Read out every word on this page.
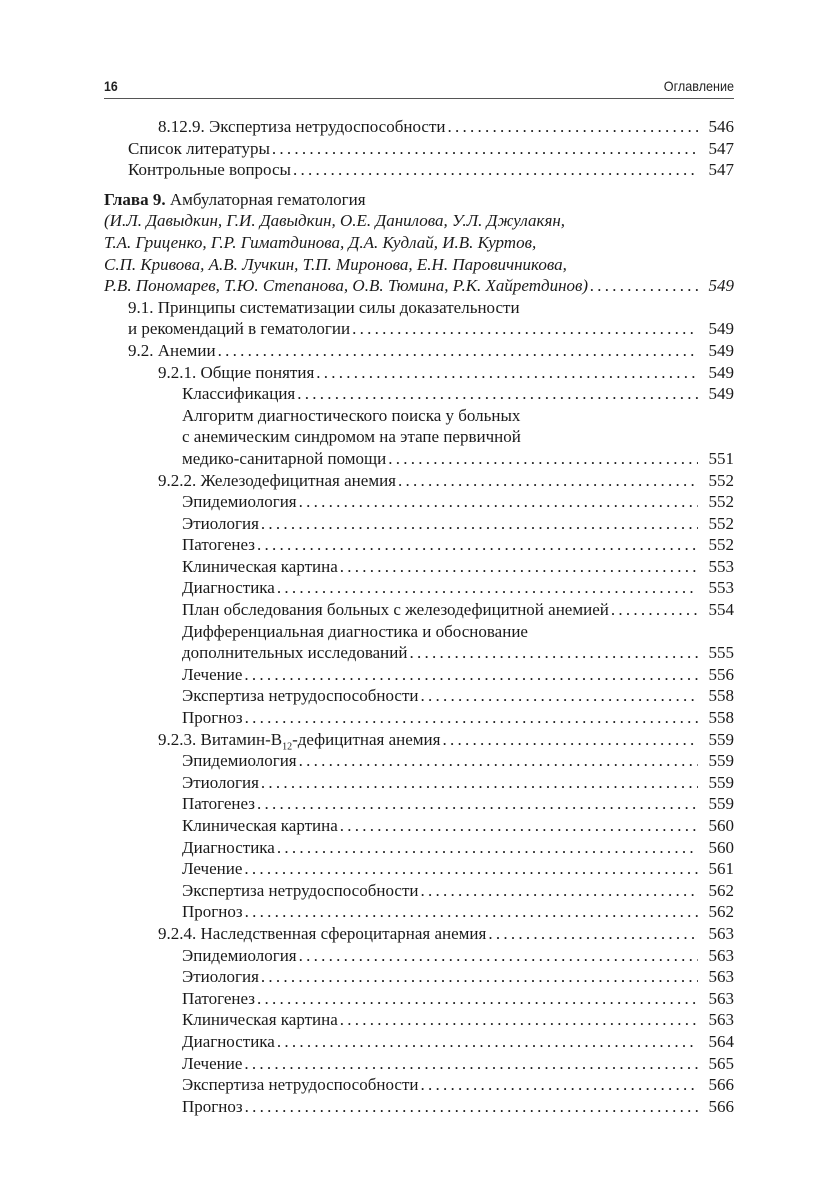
16	Оглавление
8.12.9. Экспертиза нетрудоспособности . . .	546
Список литературы . . .	547
Контрольные вопросы . . .	547
Глава 9. Амбулаторная гематология
(И.Л. Давыдкин, Г.И. Давыдкин, О.Е. Данилова, У.Л. Джулакян,
Т.А. Гриценко, Г.Р. Гиматдинова, Д.А. Кудлай, И.В. Куртов,
С.П. Кривова, А.В. Лучкин, Т.П. Миронова, Е.Н. Паровичникова,
Р.В. Пономарев, Т.Ю. Степанова, О.В. Тюмина, Р.К. Хайретдинов) . . .	549
9.1. Принципы систематизации силы доказательности
и рекомендаций в гематологии . . .	549
9.2. Анемии . . .	549
9.2.1. Общие понятия . . .	549
Классификация . . .	549
Алгоритм диагностического поиска у больных
с анемическим синдромом на этапе первичной
медико-санитарной помощи . . .	551
9.2.2. Железодефицитная анемия . . .	552
Эпидемиология . . .	552
Этиология . . .	552
Патогенез . . .	552
Клиническая картина . . .	553
Диагностика . . .	553
План обследования больных с железодефицитной анемией . . .	554
Дифференциальная диагностика и обоснование
дополнительных исследований . . .	555
Лечение . . .	556
Экспертиза нетрудоспособности . . .	558
Прогноз . . .	558
9.2.3. Витамин-$B_{12}$-дефицитная анемия . . .	559
Эпидемиология . . .	559
Этиология . . .	559
Патогенез . . .	559
Клиническая картина . . .	560
Диагностика . . .	560
Лечение . . .	561
Экспертиза нетрудоспособности . . .	562
Прогноз . . .	562
9.2.4. Наследственная сфероцитарная анемия . . .	563
Эпидемиология . . .	563
Этиология . . .	563
Патогенез . . .	563
Клиническая картина . . .	563
Диагностика . . .	564
Лечение . . .	565
Экспертиза нетрудоспособности . . .	566
Прогноз . . .	566
